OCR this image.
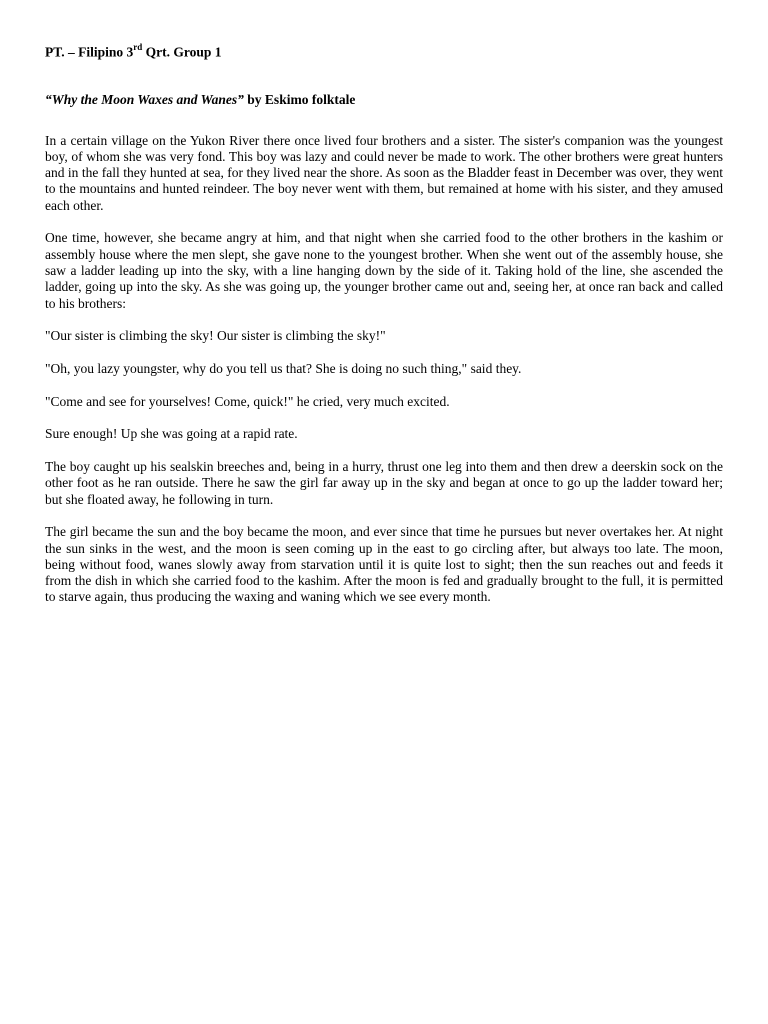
PT. – Filipino 3rd Qrt. Group 1

“Why the Moon Waxes and Wanes” by Eskimo folktale

In a certain village on the Yukon River there once lived four brothers and a sister. The sister's companion was the youngest boy, of whom she was very fond. This boy was lazy and could never be made to work. The other brothers were great hunters and in the fall they hunted at sea, for they lived near the shore. As soon as the Bladder feast in December was over, they went to the mountains and hunted reindeer. The boy never went with them, but remained at home with his sister, and they amused each other.

One time, however, she became angry at him, and that night when she carried food to the other brothers in the kashim or assembly house where the men slept, she gave none to the youngest brother. When she went out of the assembly house, she saw a ladder leading up into the sky, with a line hanging down by the side of it. Taking hold of the line, she ascended the ladder, going up into the sky. As she was going up, the younger brother came out and, seeing her, at once ran back and called to his brothers:

"Our sister is climbing the sky! Our sister is climbing the sky!"

"Oh, you lazy youngster, why do you tell us that? She is doing no such thing," said they.

"Come and see for yourselves! Come, quick!" he cried, very much excited.

Sure enough! Up she was going at a rapid rate.

The boy caught up his sealskin breeches and, being in a hurry, thrust one leg into them and then drew a deerskin sock on the other foot as he ran outside. There he saw the girl far away up in the sky and began at once to go up the ladder toward her; but she floated away, he following in turn.

The girl became the sun and the boy became the moon, and ever since that time he pursues but never overtakes her. At night the sun sinks in the west, and the moon is seen coming up in the east to go circling after, but always too late. The moon, being without food, wanes slowly away from starvation until it is quite lost to sight; then the sun reaches out and feeds it from the dish in which she carried food to the kashim. After the moon is fed and gradually brought to the full, it is permitted to starve again, thus producing the waxing and waning which we see every month.
